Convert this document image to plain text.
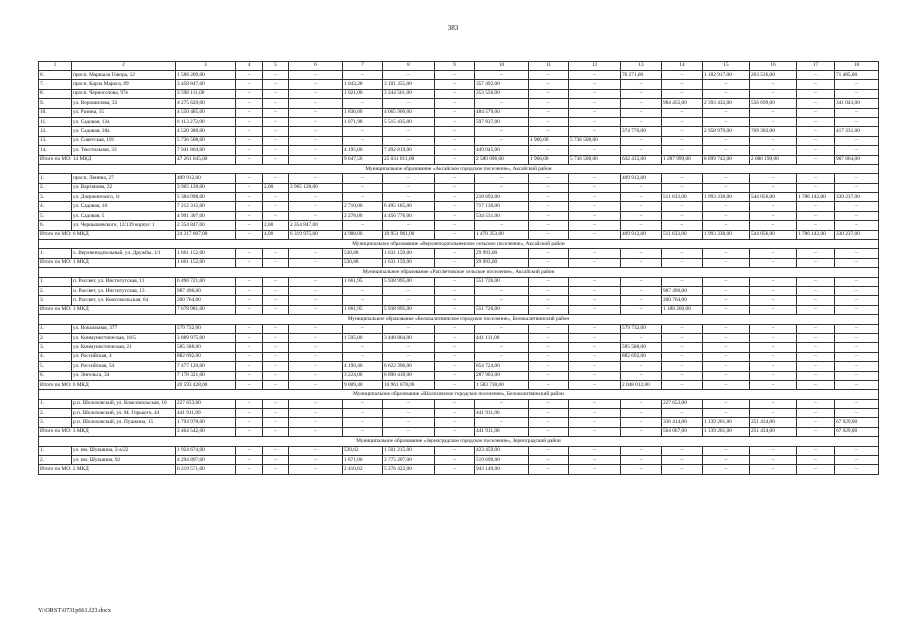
383
1	2	3	4	5	6	7	8	9	10	11	12	13	14	15	16	17	18
6.	просп. Маршала Говора, 12	1 588 209,00	–	–	–	–	–	–	–	–	–	70 271,00	–	1 182 917,00	263 536,00	–	71 485,00
7.	просп. Карла Маркса, 89	3 458 847,00	–	–	–	1 043,28	3 101 355,00	–	357 492,00	–	–	–	–	–	–	–	–
8.	просп. Черноголова, 97е	3 598 111,00	–	–	–	1 021,00	3 244 561,00	–	353 550,00	–	–	–	–	–	–	–	–
9.	ул. Ворошилова, 33	4 275 629,00	–	–	–	–	–	–	–	–	–	–	984 455,00	2 393 432,00	556 699,00	–	341 043,00
10.	ул. Разина, 15	4 550 485,00	–	–	–	1 836,00	4 065 906,00	–	484 579,00	–	–	–	–	–	–	–	–
11.	ул. Садовая, 12а	6 113 272,00	–	–	–	1 071,98	5 515 435,00	–	597 837,00	–	–	–	–	–	–	–	–
12.	ул. Садовая, 18а	4 520 388,00	–	–	–	–	–	–	–	–	–	374 776,00	–	2 958 979,00	769 302,00	–	417 331,00
13.	ул. Советская, 191	5 736 508,00	–	–	–	–	–	–	–	1 966,00	5 736 508,00	–	–	–	–	–	–
14.	ул. Текстильная, 33	7 941 864,00	–	–	–	4 195,00	7 492 819,00	–	449 045,00	–	–	–	–	–	–	–	–
Итого по МО: 14 МКД		47 261 045,00	–	–	–	9 647,56	25 031 011,00	–	2 580 096,00	1 966,00	5 736 508,00	632 435,00	1 287 999,00	8 899 742,00	2 086 190,00	–	987 064,00
Муниципальное образование «Аксайское городское поселение», Аксайский район																	
1.	просп. Ленина, 27	409 912,00	–	–	–	–	–	–	–	–	–	409 912,00	–	–	–	–	–
2.	ул. Вартанова, 22	3 965 128,00	–	2,00	3 965 128,00	–	–	–	–	–	–	–	–	–	–	–	–
3.	ул. Дзержинского, 1г	5 384 098,00	–	–	–	–	–	–	218 692,00	–	–	–	511 633,00	1 993 338,00	544 056,00	1 786 142,00	330 237,00
4.	ул. Садовая, 10	7 212 315,00	–	–	–	2 710,00	6 495 185,00	–	717 130,00	–	–	–	–	–	–	–	–
5.	ул. Садовая, 5	4 991 307,00	–	–	–	2 278,00	4 456 776,00	–	534 531,00	–	–	–	–	–	–	–	–
6.	ул. Чернышевского, 12/139 корпус 1	2 354 847,00	–	2,00	2 354 847,00	–	–	–	–	–	–	–	–	–	–	–	–
Итого по МО: 6 МКД		24 317 607,00	–	4,00	6 319 975,00	4 988,00	10 951 961,00	–	1 470 353,00	–	–	409 912,00	511 633,00	1 993 338,00	544 056,00	1 786 142,00	330 237,00
Муниципальное образование «Верхнеподпольненское сельское поселение», Аксайский район																	
1.	х. Верхнеподпольный, ул. Дружбы, 1/1	1 661 152,00	–	–	–	530,88	1 631 159,00	–	29 993,00	–	–	–	–	–	–	–	–
Итого по МО: 1 МКД		1 661 152,00	–	–	–	530,88	1 631 159,00	–	29 993,00	–	–	–	–	–	–	–	–
Муниципальное образование «Рассветовское сельское поселение», Аксайский район																	
1.	п. Рассвет, ул. Институтская, 11	6 490 721,00	–	–	–	1 661,95	5 938 995,00	–	551 726,00	–	–	–	–	–	–	–	–
2.	п. Рассвет, ул. Институтская, 13	987 496,00	–	–	–	–	–	–	–	–	–	–	987 496,00	–	–	–	–
3.	п. Рассвет, ул. Комсомольская, 64	200 764,00	–	–	–	–	–	–	–	–	–	–	200 764,00	–	–	–	–
Итого по МО: 3 МКД		7 678 981,00	–	–	–	1 661,95	5 938 995,00	–	551 726,00	–	–	–	1 188 260,00	–	–	–	–
Муниципальное образование «Белокалитвинское городское поселение», Белокалитвинский район																	
1.	ул. Вокзальная, 377	579 732,00	–	–	–	–	–	–	–	–	–	579 732,00	–	–	–	–	–
2.	ул. Коммунистическая, 16/5	3 889 975,00	–	–	–	1 595,00	3 448 864,00	–	441 111,00	–	–	–	–	–	–	–	–
3.	ул. Коммунистическая, 21	585 588,00	–	–	–	–	–	–	–	–	–	585 588,00	–	–	–	–	–
4.	ул. Российская, 4	882 692,00	–	–	–	–	–	–	–	–	–	882 692,00	–	–	–	–	–
5.	ул. Российская, 54	7 477 120,00	–	–	–	4 190,40	6 622 396,00	–	854 724,00	–	–	–	–	–	–	–	–
6.	ул. Энгельса, 34	7 178 321,00	–	–	–	3 224,00	6 890 418,00	–	287 903,00	–	–	–	–	–	–	–	–
Итого по МО: 6 МКД		20 593 428,00	–	–	–	9 009,40	16 961 678,00	–	1 583 738,00	–	–	2 048 012,00	–	–	–	–	–
Муниципальное образование «Шолоховское городское поселение», Белокалитвинский район																	
1.	р.п. Шолоховский, ул. Комсомольская, 10	227 653,00	–	–	–	–	–	–	–	–	–	–	227 653,00	–	–	–	–
2.	р.п. Шолоховский, ул. М. Горького, 44	441 911,00	–	–	–	–	–	–	441 911,00	–	–	–	–	–	–	–	–
3.	р.п. Шолоховский, ул. Пушкина, 15	1 794 978,00	–	–	–	–	–	–	–	–	–	–	336 414,00	1 139 201,00	251 434,00	–	67 929,00
Итого по МО: 3 МКД		2 464 542,00	–	–	–	–	–	–	441 911,00	–	–	–	564 067,00	1 139 201,00	251 434,00	–	67 929,00
Муниципальное образование «Зерноградское городское поселение», Зерноградский район																	
1.	ул. им. Шукшина, 2-а/22	1 924 674,00	–	–	–	539,62	1 501 215,00	–	423 459,00	–	–	–	–	–	–	–	–
2.	ул. им. Шукшина, 92	4 294 897,00	–	–	–	1 871,00	3 775 207,00	–	519 690,00	–	–	–	–	–	–	–	–
Итого по МО: 2 МКД		6 219 571,00	–	–	–	2 410,62	5 276 422,00	–	943 149,00	–	–	–	–	–	–	–	–
Y:\ORST\0731p661.f23.docx
